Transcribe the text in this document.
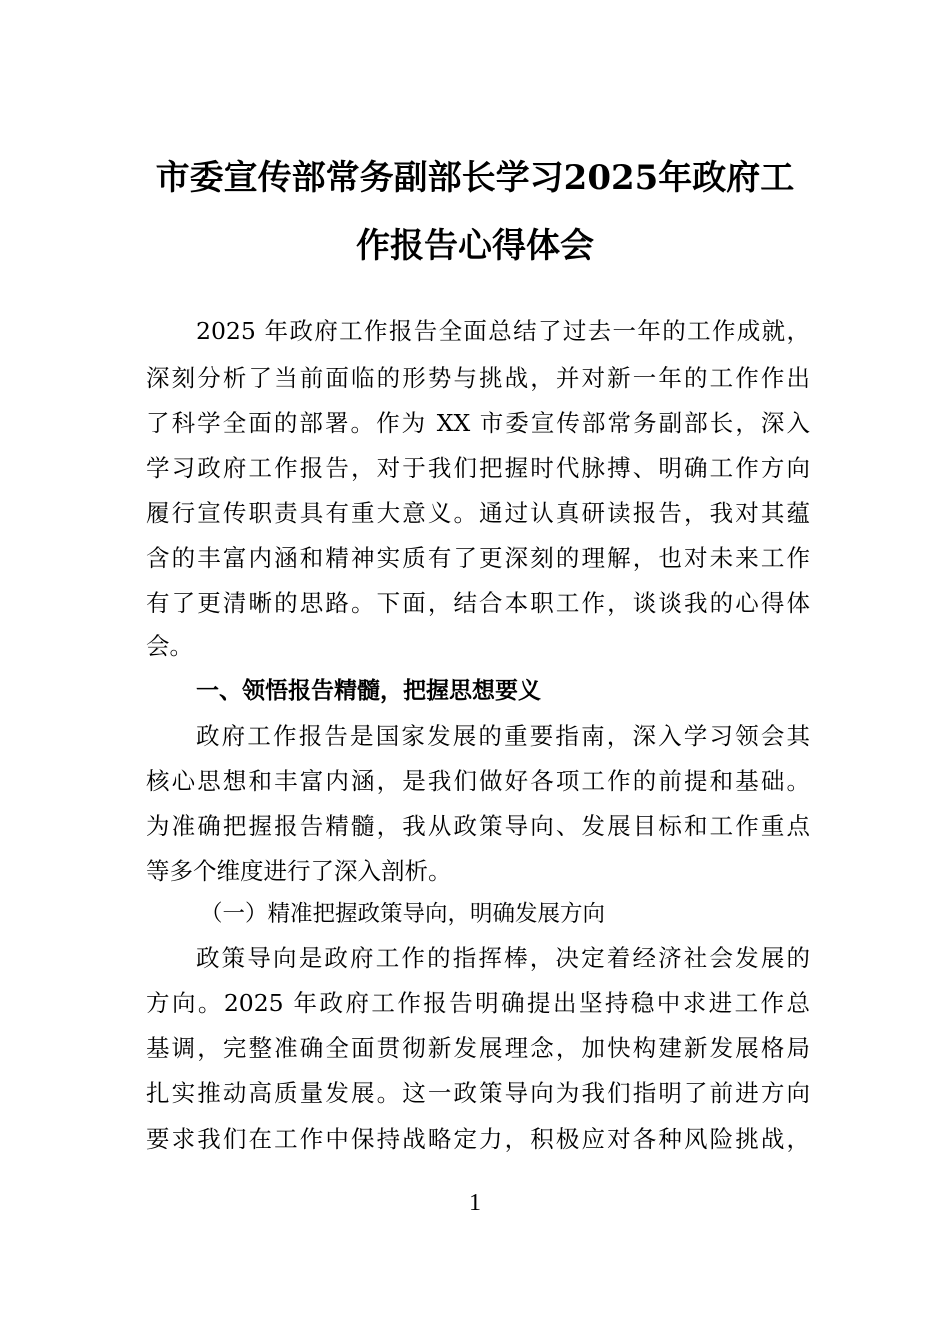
市委宣传部常务副部长学习2025年政府工
作报告心得体会
2025 年政府工作报告全面总结了过去一年的工作成就，
深刻分析了当前面临的形势与挑战，并对新一年的工作作出
了科学全面的部署。作为 XX 市委宣传部常务副部长，深入
学习政府工作报告，对于我们把握时代脉搏、明确工作方向
履行宣传职责具有重大意义。通过认真研读报告，我对其蕴
含的丰富内涵和精神实质有了更深刻的理解，也对未来工作
有了更清晰的思路。下面，结合本职工作，谈谈我的心得体
会。
一、领悟报告精髓，把握思想要义
政府工作报告是国家发展的重要指南，深入学习领会其
核心思想和丰富内涵，是我们做好各项工作的前提和基础。
为准确把握报告精髓，我从政策导向、发展目标和工作重点
等多个维度进行了深入剖析。
（一）精准把握政策导向，明确发展方向
政策导向是政府工作的指挥棒，决定着经济社会发展的
方向。2025 年政府工作报告明确提出坚持稳中求进工作总
基调，完整准确全面贯彻新发展理念，加快构建新发展格局
扎实推动高质量发展。这一政策导向为我们指明了前进方向
要求我们在工作中保持战略定力，积极应对各种风险挑战，
1
